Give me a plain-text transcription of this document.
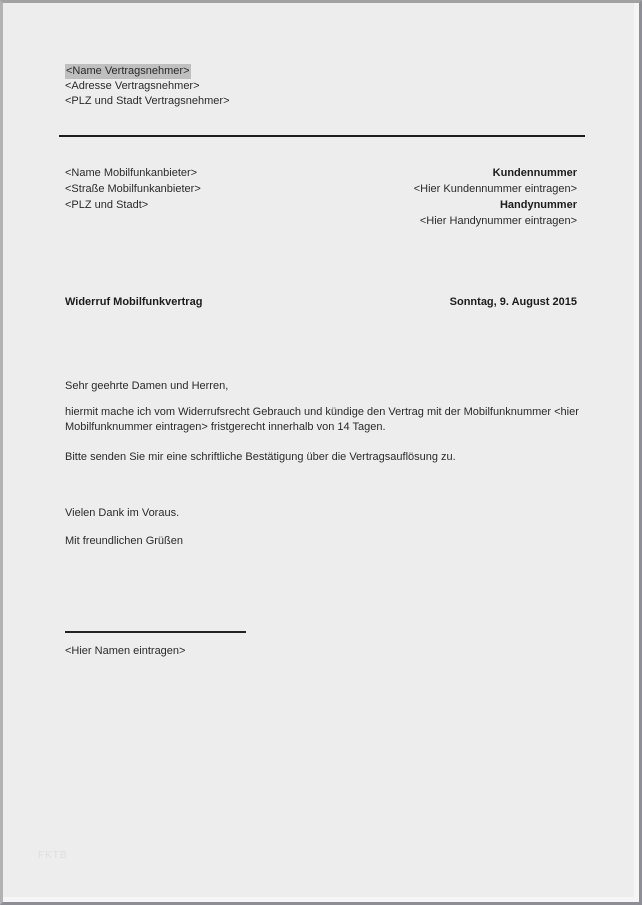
<Name Vertragsnehmer>
<Adresse Vertragsnehmer>
<PLZ und Stadt Vertragsnehmer>
<Name Mobilfunkanbieter>
<Straße Mobilfunkanbieter>
<PLZ und Stadt>
Kundennummer
<Hier Kundennummer eintragen>
Handynummer
<Hier Handynummer eintragen>
Widerruf Mobilfunkvertrag	Sonntag, 9. August 2015
Sehr geehrte Damen und Herren,
hiermit mache ich vom Widerrufsrecht Gebrauch und kündige den Vertrag mit der Mobilfunknummer <hier Mobilfunknummer eintragen> fristgerecht innerhalb von 14 Tagen.
Bitte senden Sie mir eine schriftliche Bestätigung über die Vertragsauflösung zu.
Vielen Dank im Voraus.
Mit freundlichen Grüßen
<Hier Namen eintragen>
FKTB
